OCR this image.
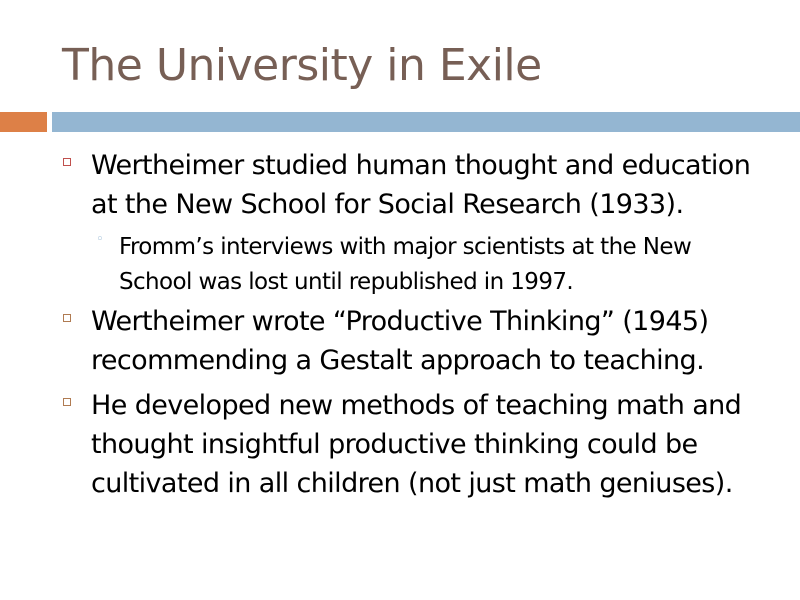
The University in Exile
Wertheimer studied human thought and education at the New School for Social Research (1933).
◦ Fromm’s interviews with major scientists at the New School was lost until republished in 1997.
Wertheimer wrote “Productive Thinking” (1945) recommending a Gestalt approach to teaching.
He developed new methods of teaching math and thought insightful productive thinking could be cultivated in all children (not just math geniuses).
